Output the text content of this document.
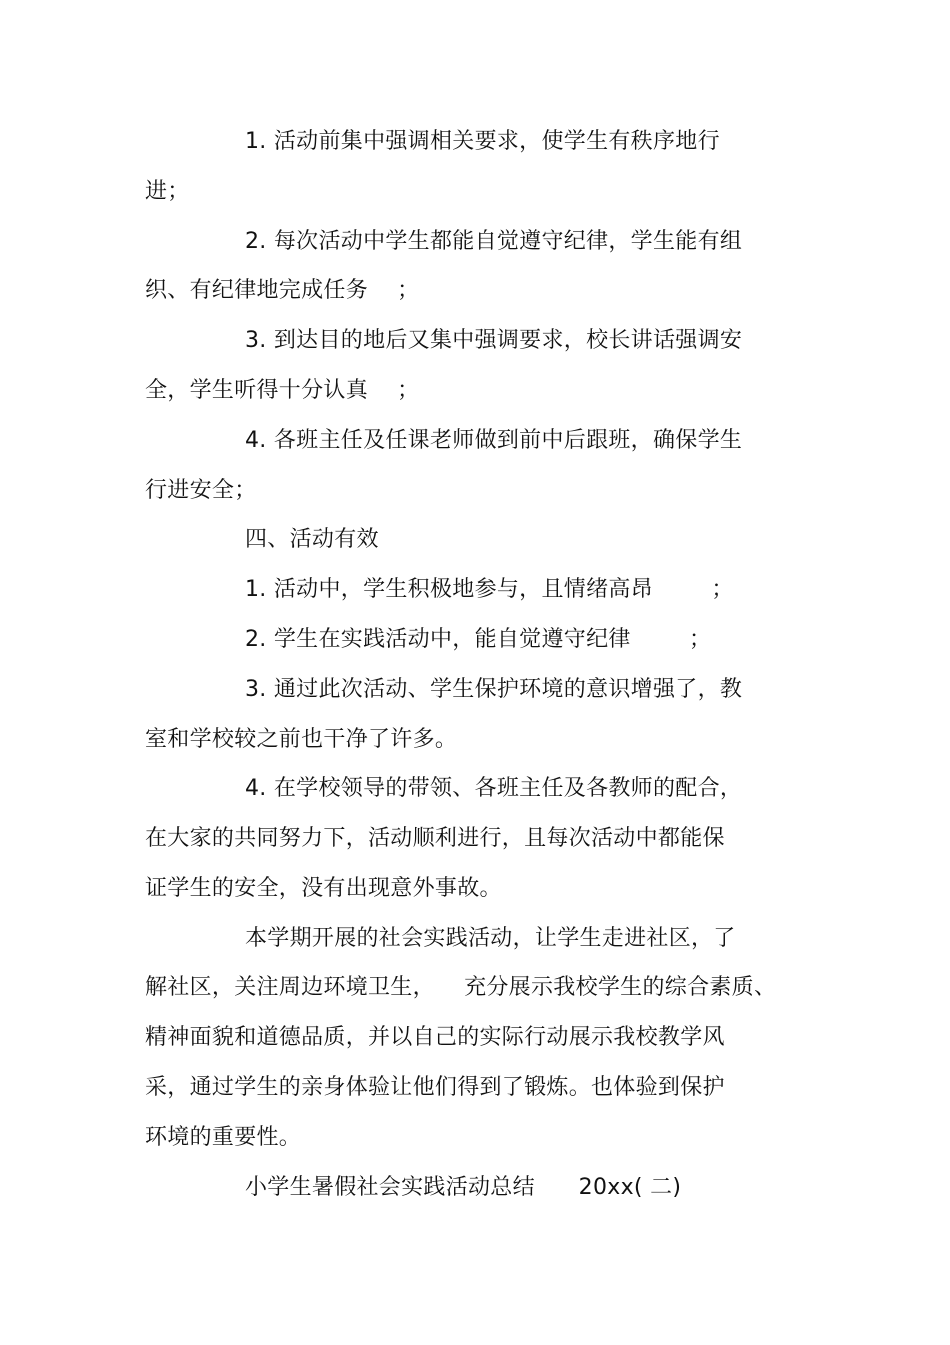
1. 活动前集中强调相关要求，使学生有秩序地行
进；
2. 每次活动中学生都能自觉遵守纪律，学生能有组
织、有纪律地完成任务    ；
3. 到达目的地后又集中强调要求，校长讲话强调安
全，学生听得十分认真    ；
4. 各班主任及任课老师做到前中后跟班，确保学生
行进安全；
四、活动有效
1. 活动中，学生积极地参与，且情绪高昂        ；
2. 学生在实践活动中，能自觉遵守纪律        ；
3. 通过此次活动、学生保护环境的意识增强了，教
室和学校较之前也干净了许多。
4. 在学校领导的带领、各班主任及各教师的配合，
在大家的共同努力下，活动顺利进行，且每次活动中都能保
证学生的安全，没有出现意外事故。
本学期开展的社会实践活动，让学生走进社区，了
解社区，关注周边环境卫生，    充分展示我校学生的综合素质、
精神面貌和道德品质，并以自己的实际行动展示我校教学风
采，通过学生的亲身体验让他们得到了锻炼。也体验到保护
环境的重要性。
小学生暑假社会实践活动总结      20xx( 二)
